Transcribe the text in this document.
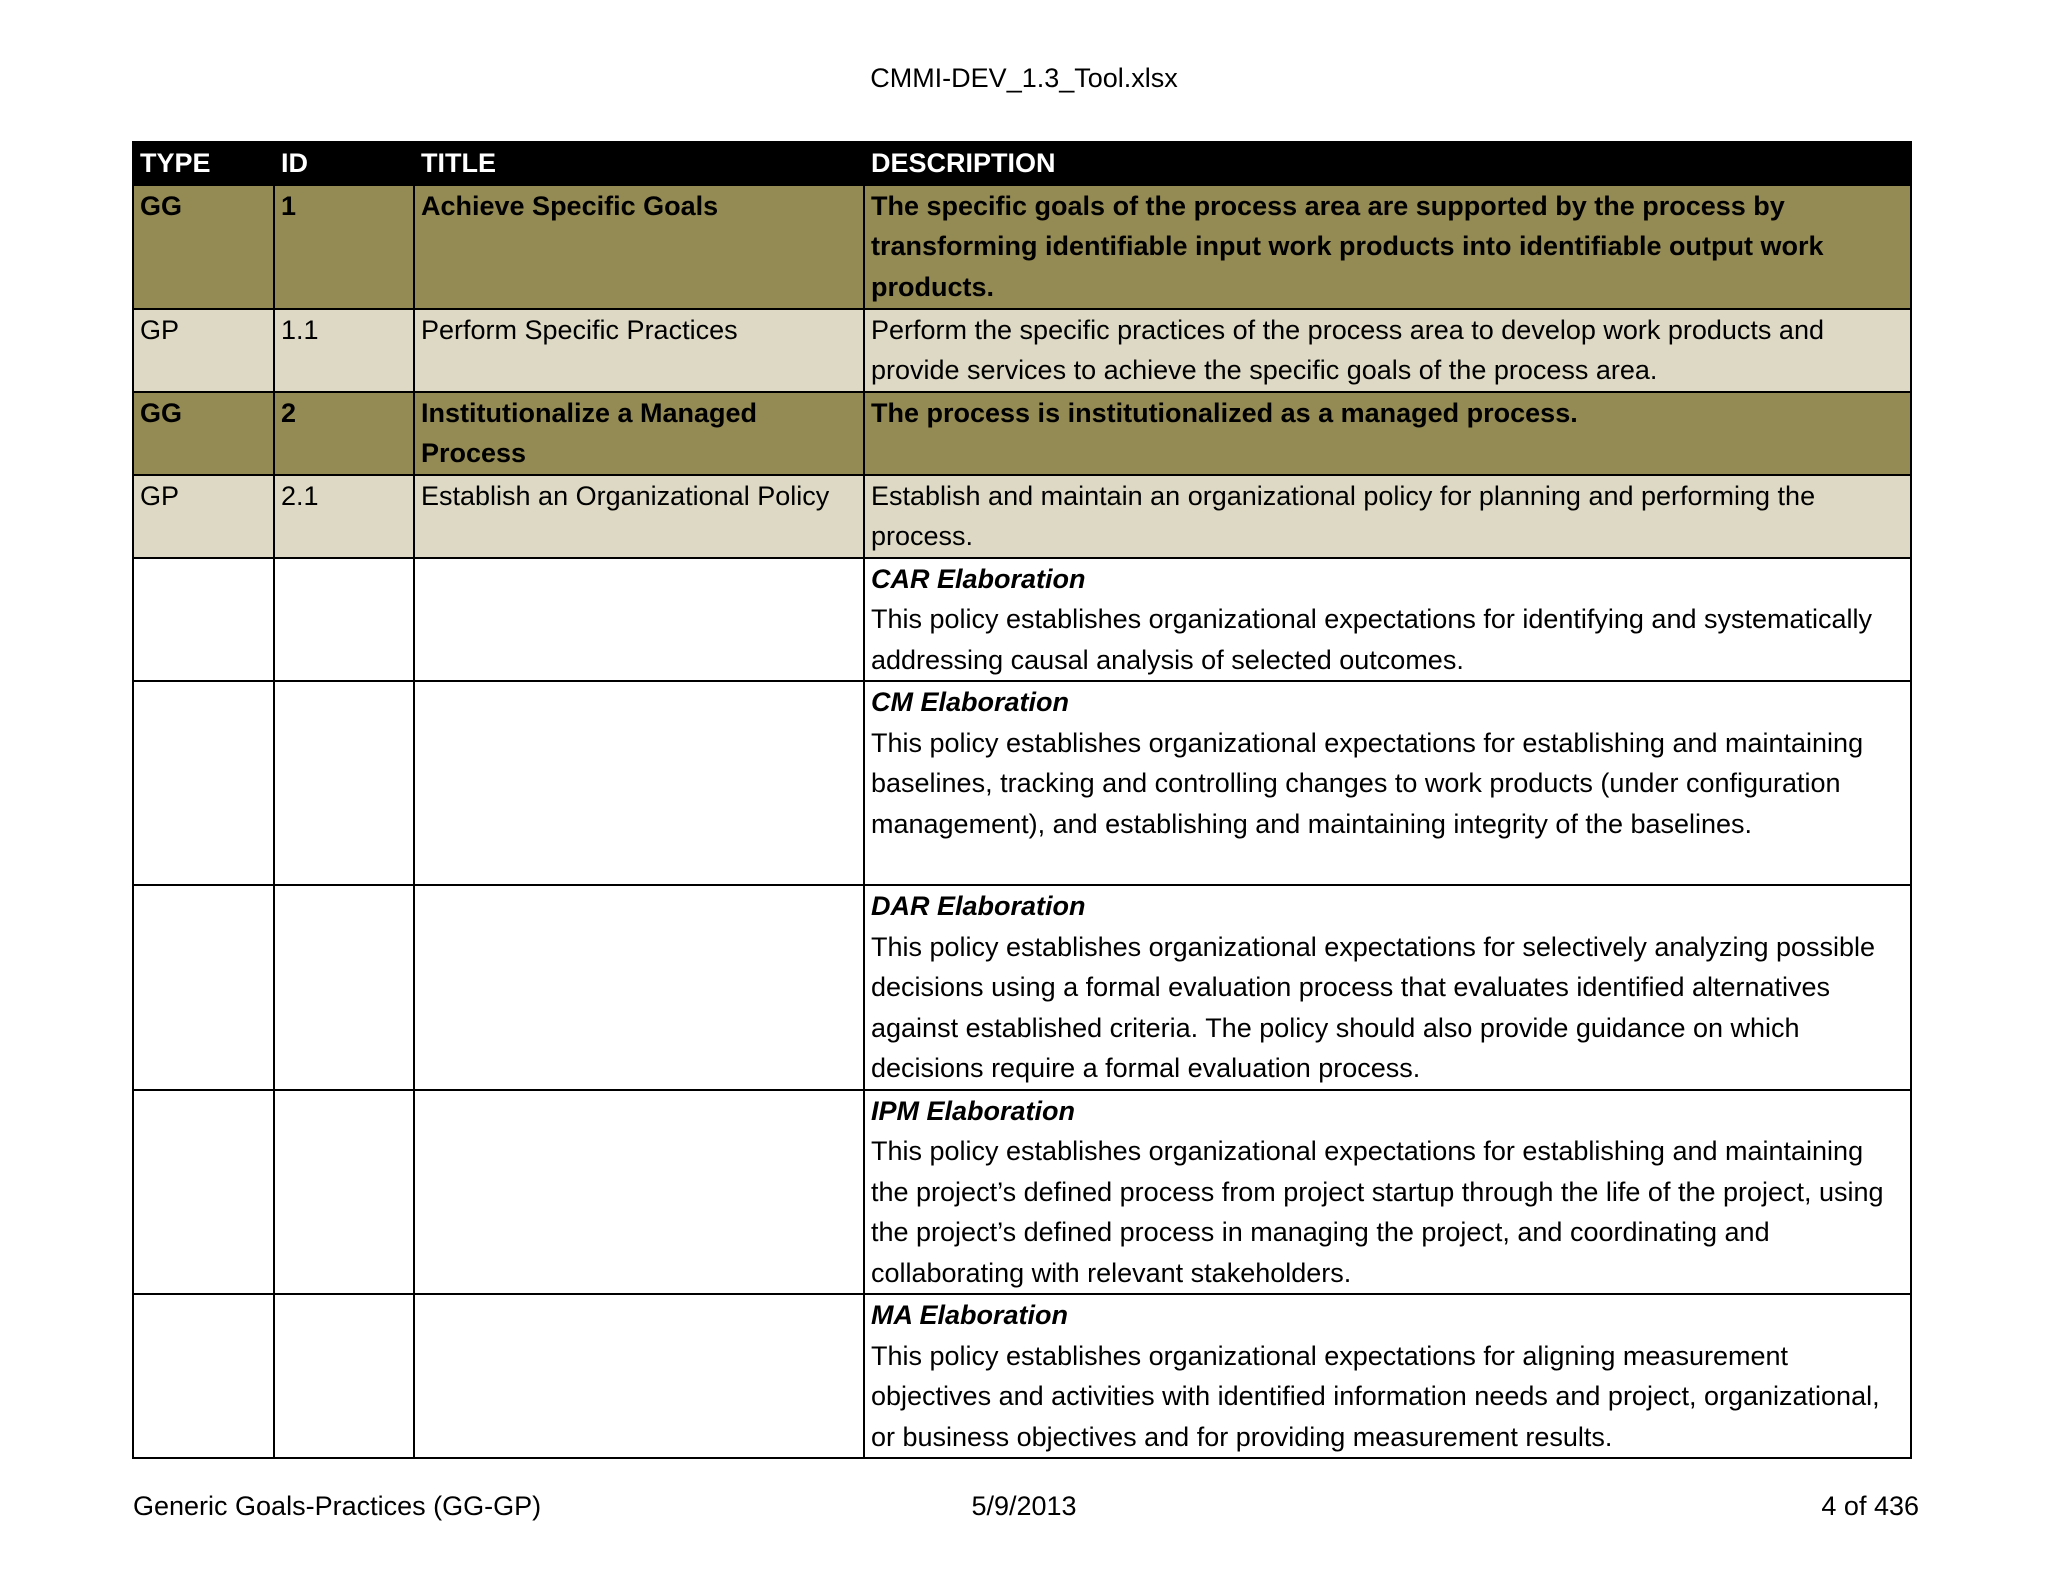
CMMI-DEV_1.3_Tool.xlsx
TYPE	ID	TITLE	DESCRIPTION
GG	1	Achieve Specific Goals	The specific goals of the process area are supported by the process by transforming identifiable input work products into identifiable output work products.
GP	1.1	Perform Specific Practices	Perform the specific practices of the process area to develop work products and provide services to achieve the specific goals of the process area.
GG	2	Institutionalize a Managed Process	The process is institutionalized as a managed process.
GP	2.1	Establish an Organizational Policy	Establish and maintain an organizational policy for planning and performing the process.

			CAR Elaboration
This policy establishes organizational expectations for identifying and systematically addressing causal analysis of selected outcomes.

			CM Elaboration
This policy establishes organizational expectations for establishing and maintaining baselines, tracking and controlling changes to work products (under configuration management), and establishing and maintaining integrity of the baselines.

			DAR Elaboration
This policy establishes organizational expectations for selectively analyzing possible decisions using a formal evaluation process that evaluates identified alternatives against established criteria. The policy should also provide guidance on which decisions require a formal evaluation process.

			IPM Elaboration
This policy establishes organizational expectations for establishing and maintaining the project’s defined process from project startup through the life of the project, using the project’s defined process in managing the project, and coordinating and collaborating with relevant stakeholders.

			MA Elaboration
This policy establishes organizational expectations for aligning measurement objectives and activities with identified information needs and project, organizational, or business objectives and for providing measurement results.
5/9/2013
Generic Goals-Practices (GG-GP)	4 of 436
